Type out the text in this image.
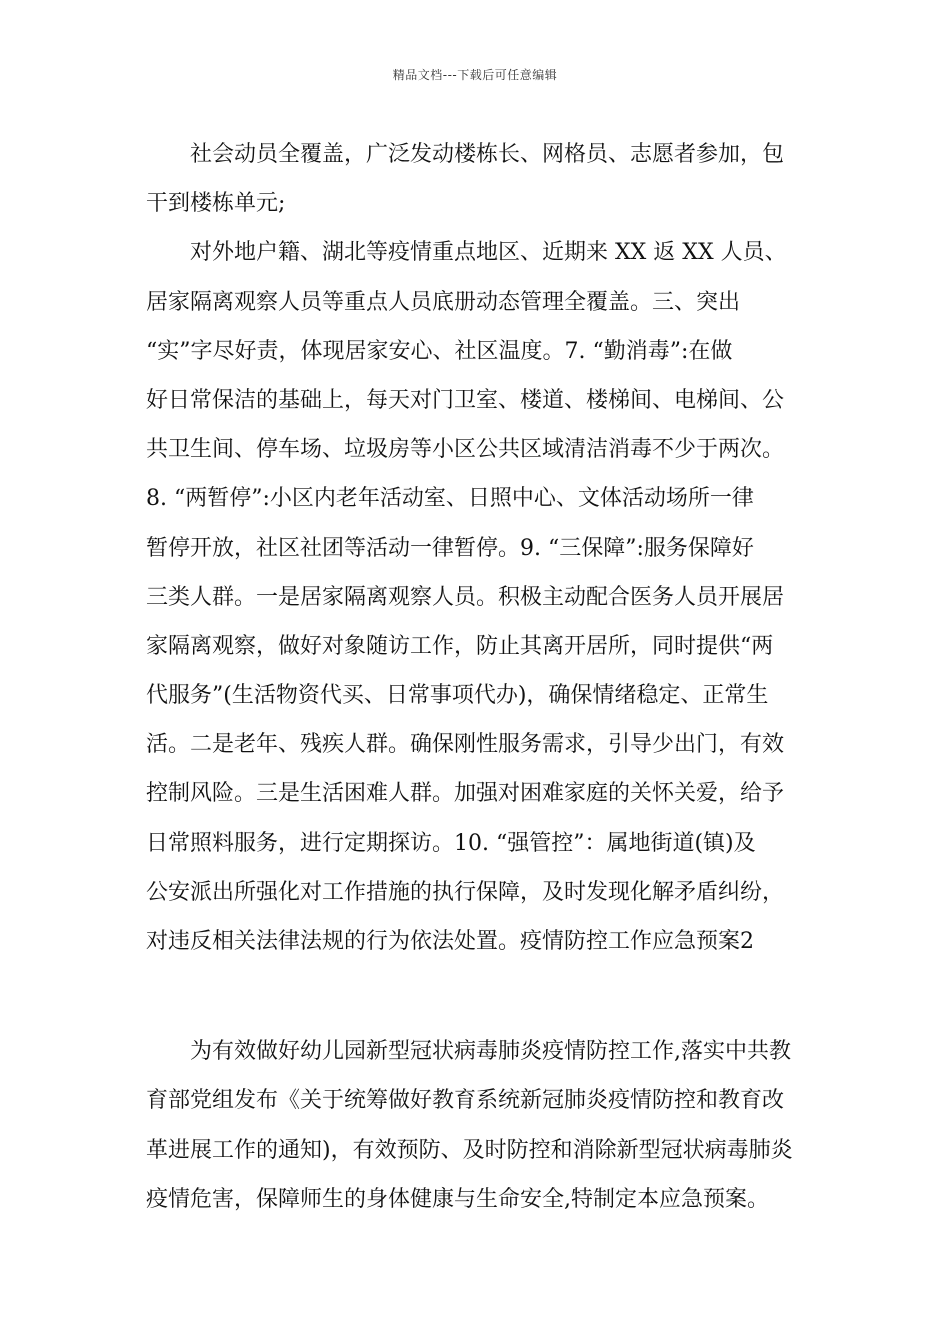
精品文档---下载后可任意编辑
社会动员全覆盖，广泛发动楼栋长、网格员、志愿者参加，包
干到楼栋单元;
对外地户籍、湖北等疫情重点地区、近期来 XX 返 XX 人员、
居家隔离观察人员等重点人员底册动态管理全覆盖。三、突出
“实”字尽好责，体现居家安心、社区温度。7. “勤消毒”:在做
好日常保洁的基础上，每天对门卫室、楼道、楼梯间、电梯间、公
共卫生间、停车场、垃圾房等小区公共区域清洁消毒不少于两次。
8. “两暂停”:小区内老年活动室、日照中心、文体活动场所一律
暂停开放，社区社团等活动一律暂停。9. “三保障”:服务保障好
三类人群。一是居家隔离观察人员。积极主动配合医务人员开展居
家隔离观察，做好对象随访工作，防止其离开居所，同时提供“两
代服务”(生活物资代买、日常事项代办)，确保情绪稳定、正常生
活。二是老年、残疾人群。确保刚性服务需求，引导少出门，有效
控制风险。三是生活困难人群。加强对困难家庭的关怀关爱，给予
日常照料服务，进行定期探访。10. “强管控”：属地街道(镇)及
公安派出所强化对工作措施的执行保障，及时发现化解矛盾纠纷，
对违反相关法律法规的行为依法处置。疫情防控工作应急预案2
为有效做好幼儿园新型冠状病毒肺炎疫情防控工作,落实中共教
育部党组发布《关于统筹做好教育系统新冠肺炎疫情防控和教育改
革进展工作的通知)，有效预防、及时防控和消除新型冠状病毒肺炎
疫情危害，保障师生的身体健康与生命安全,特制定本应急预案。
